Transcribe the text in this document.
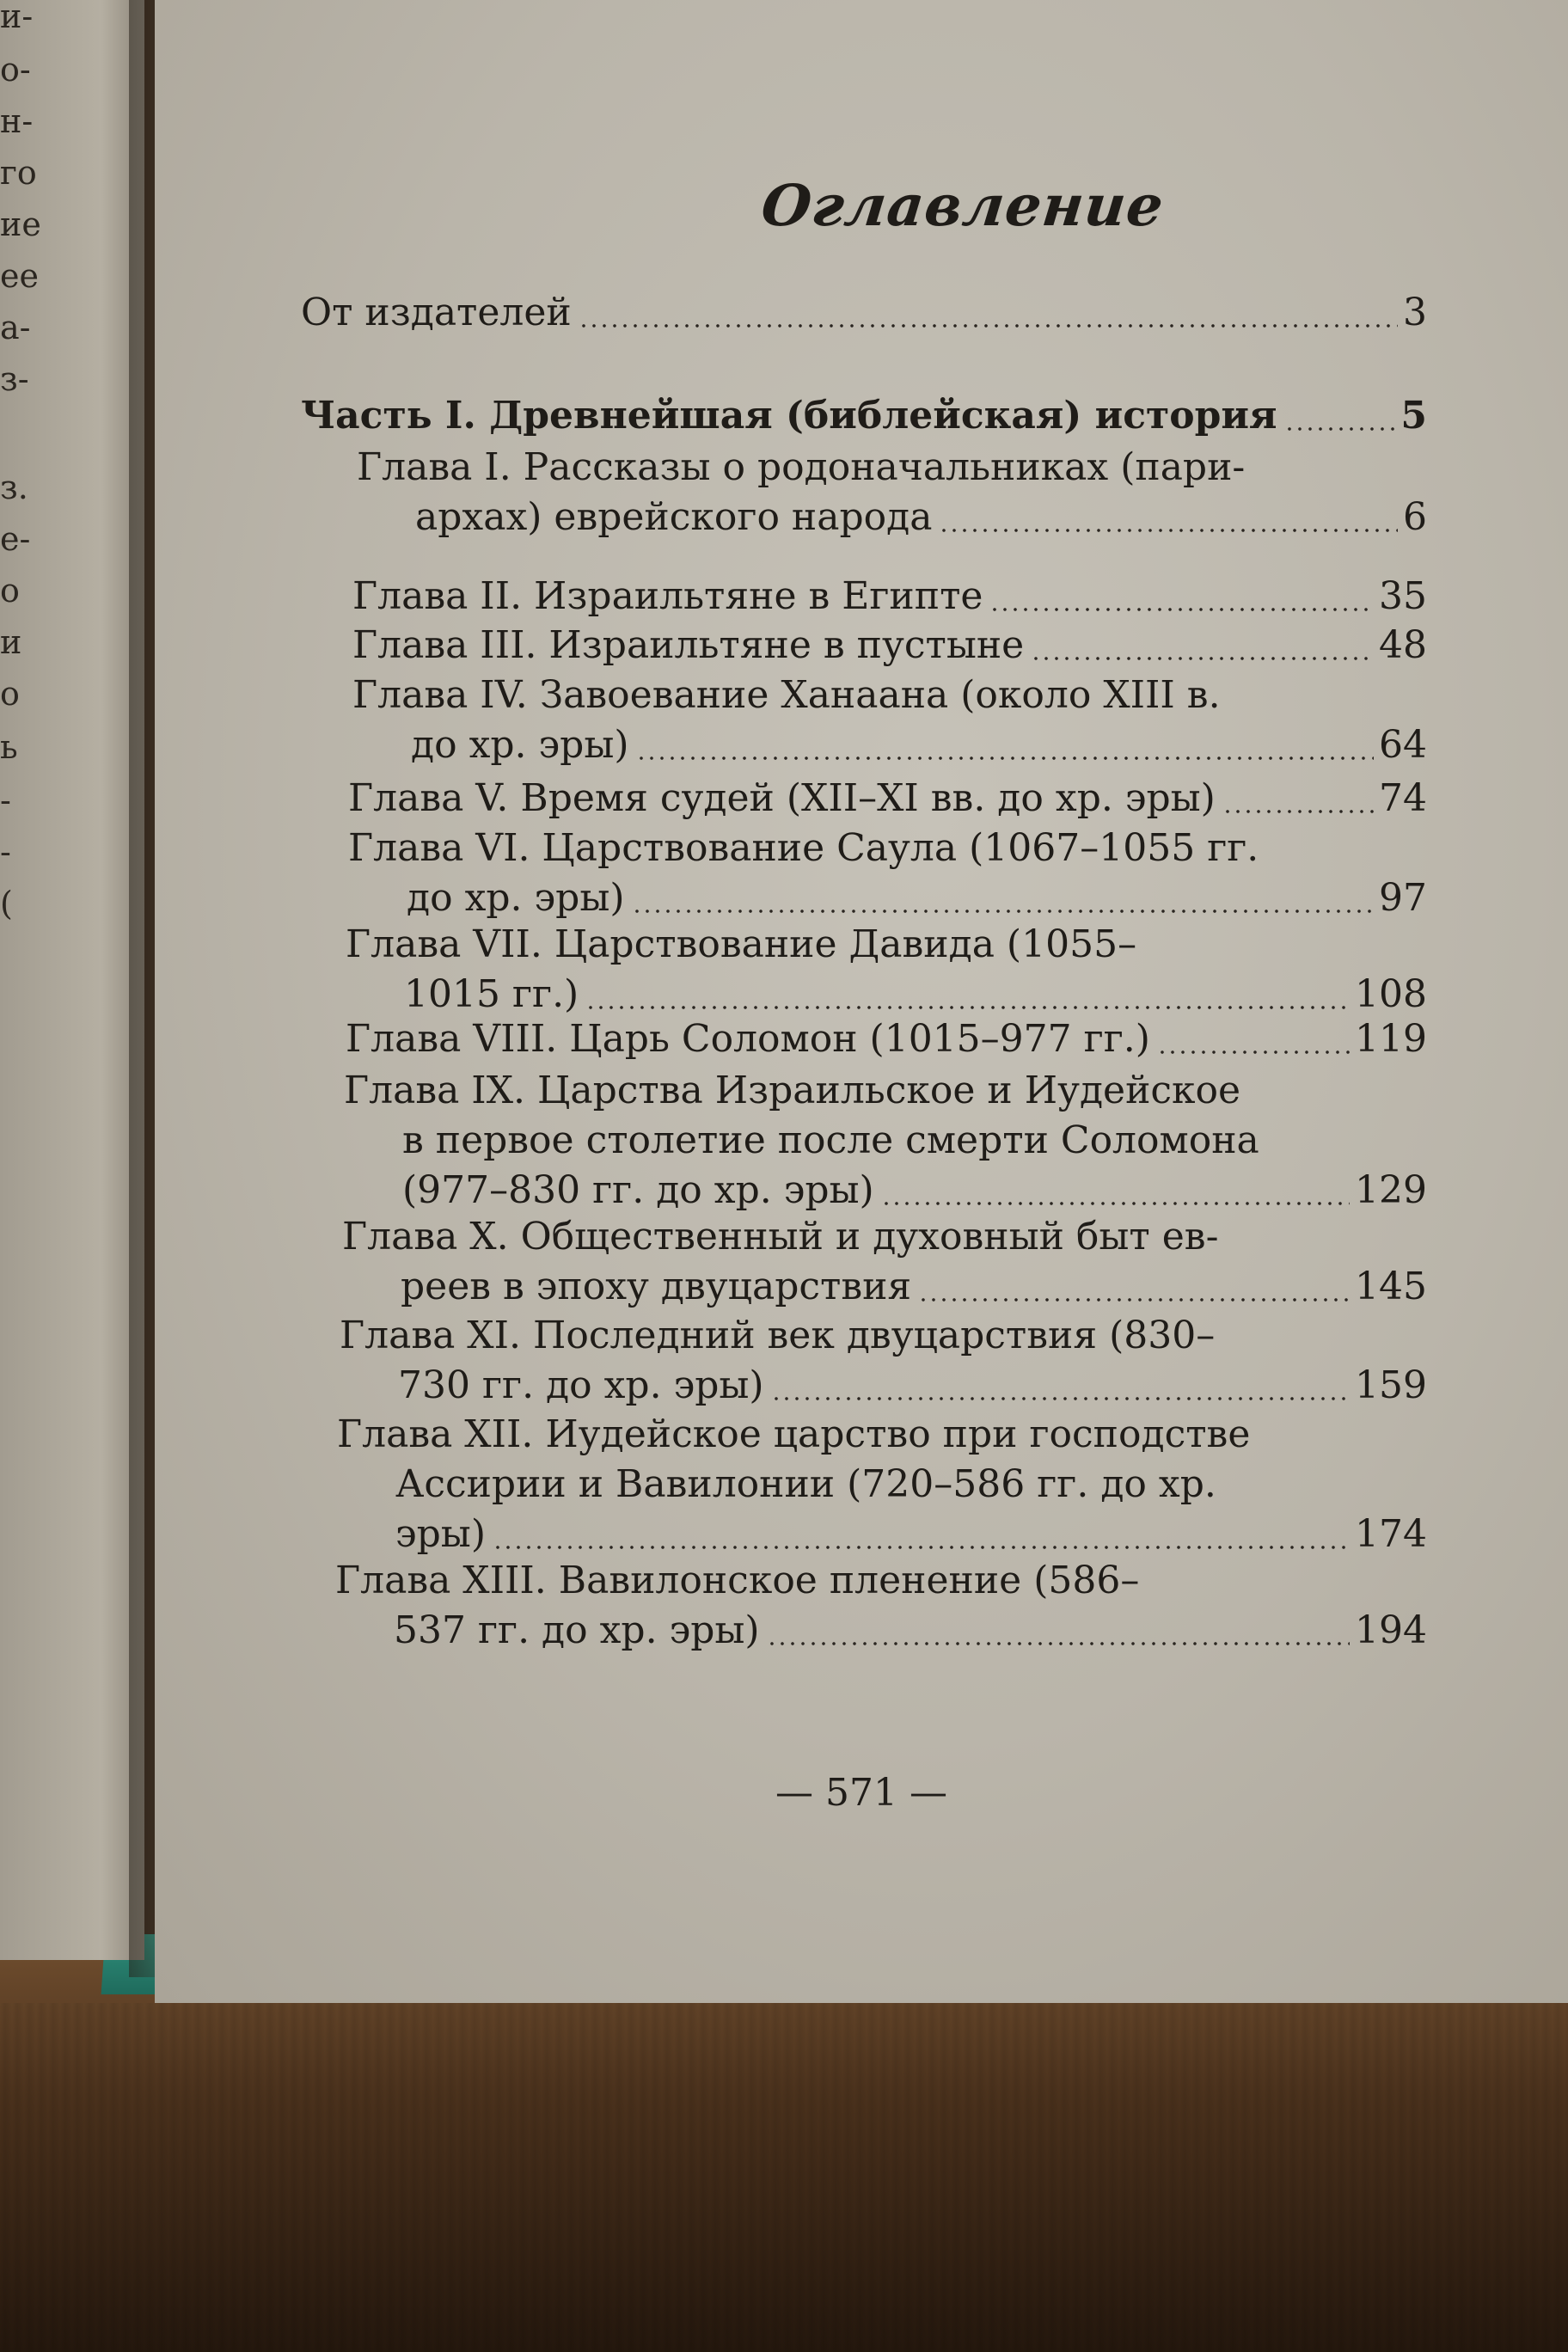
и-
о-
н-
го
ие
ее
а-
з-
з.
е-
о
и
о
ь
-
-
(
Оглавление
От издателей	3
Часть I. Древнейшая (библейская) история	5
Глава I. Рассказы о родоначальниках (пари-
архах) еврейского народа	6
Глава II. Израильтяне в Египте	35
Глава III. Израильтяне в пустыне	48
Глава IV. Завоевание Ханаана (около XIII в.
до хр. эры)	64
Глава V. Время судей (XII–XI вв. до хр. эры)	74
Глава VI. Царствование Саула (1067–1055 гг.
до хр. эры)	97
Глава VII. Царствование Давида (1055–
1015 гг.)	108
Глава VIII. Царь Соломон (1015–977 гг.)	119
Глава IX. Царства Израильское и Иудейское
в первое столетие после смерти Соломона
(977–830 гг. до хр. эры)	129
Глава X. Общественный и духовный быт ев-
реев в эпоху двуцарствия	145
Глава XI. Последний век двуцарствия (830–
730 гг. до хр. эры)	159
Глава XII. Иудейское царство при господстве
Ассирии и Вавилонии (720–586 гг. до хр.
эры)	174
Глава XIII. Вавилонское пленение (586–
537 гг. до хр. эры)	194
— 571 —
